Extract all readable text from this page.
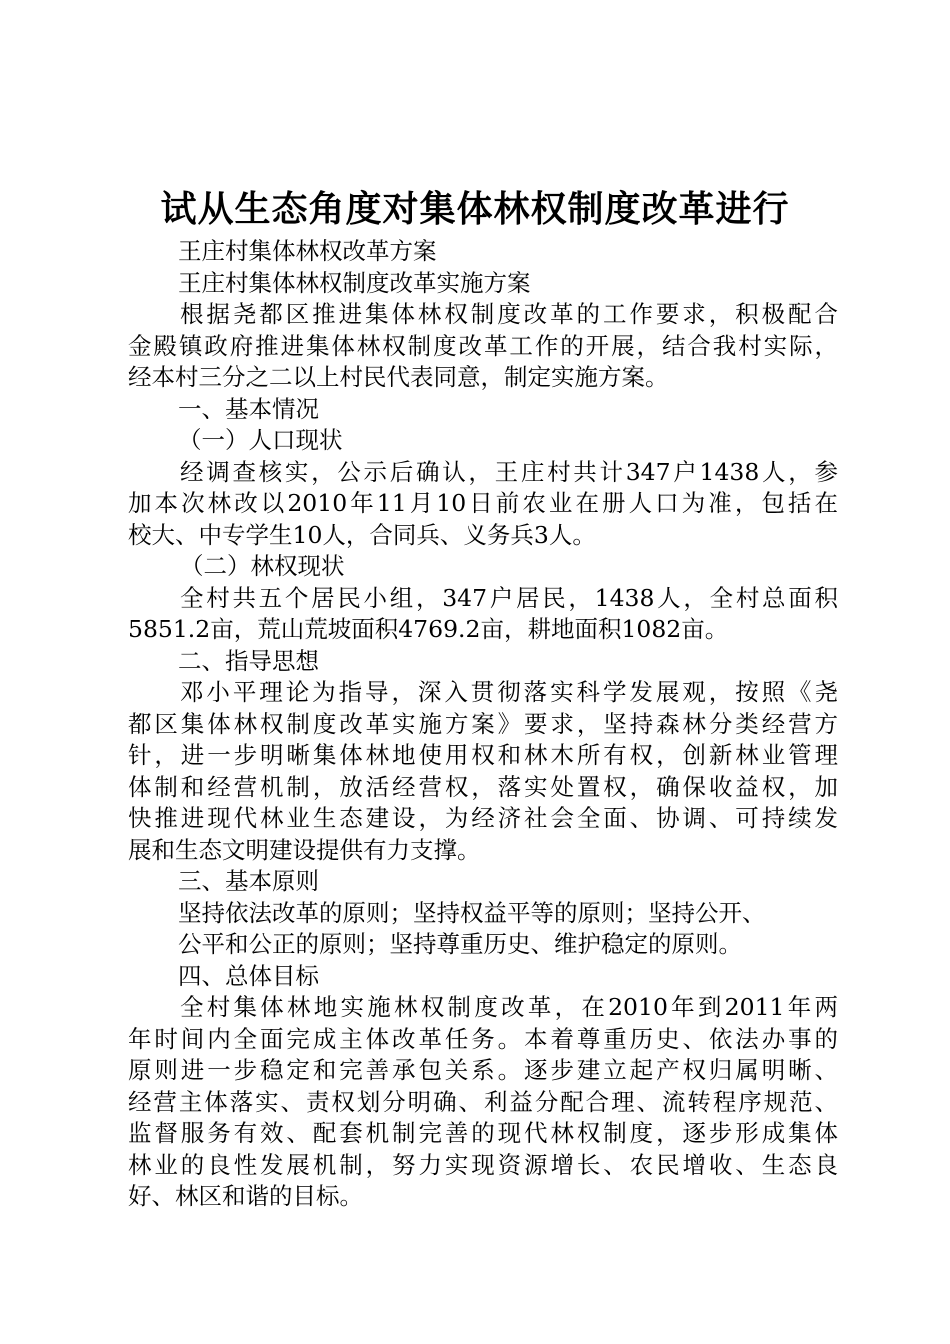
试从生态角度对集体林权制度改革进行
王庄村集体林权改革方案
王庄村集体林权制度改革实施方案
根据尧都区推进集体林权制度改革的工作要求，积极配合
金殿镇政府推进集体林权制度改革工作的开展，结合我村实际，
经本村三分之二以上村民代表同意，制定实施方案。
一、基本情况
（一）人口现状
经调查核实，公示后确认，王庄村共计347户1438人，参
加本次林改以2010年11月10日前农业在册人口为准，包括在
校大、中专学生10人，合同兵、义务兵3人。
（二）林权现状
全村共五个居民小组，347户居民，1438人，全村总面积
5851.2亩，荒山荒坡面积4769.2亩，耕地面积1082亩。
二、指导思想
邓小平理论为指导，深入贯彻落实科学发展观，按照《尧
都区集体林权制度改革实施方案》要求，坚持森林分类经营方
针，进一步明晰集体林地使用权和林木所有权，创新林业管理
体制和经营机制，放活经营权，落实处置权，确保收益权，加
快推进现代林业生态建设，为经济社会全面、协调、可持续发
展和生态文明建设提供有力支撑。
三、基本原则
坚持依法改革的原则；坚持权益平等的原则；坚持公开、
公平和公正的原则；坚持尊重历史、维护稳定的原则。
四、总体目标
全村集体林地实施林权制度改革，在2010年到2011年两
年时间内全面完成主体改革任务。本着尊重历史、依法办事的
原则进一步稳定和完善承包关系。逐步建立起产权归属明晰、
经营主体落实、责权划分明确、利益分配合理、流转程序规范、
监督服务有效、配套机制完善的现代林权制度，逐步形成集体
林业的良性发展机制，努力实现资源增长、农民增收、生态良
好、林区和谐的目标。
